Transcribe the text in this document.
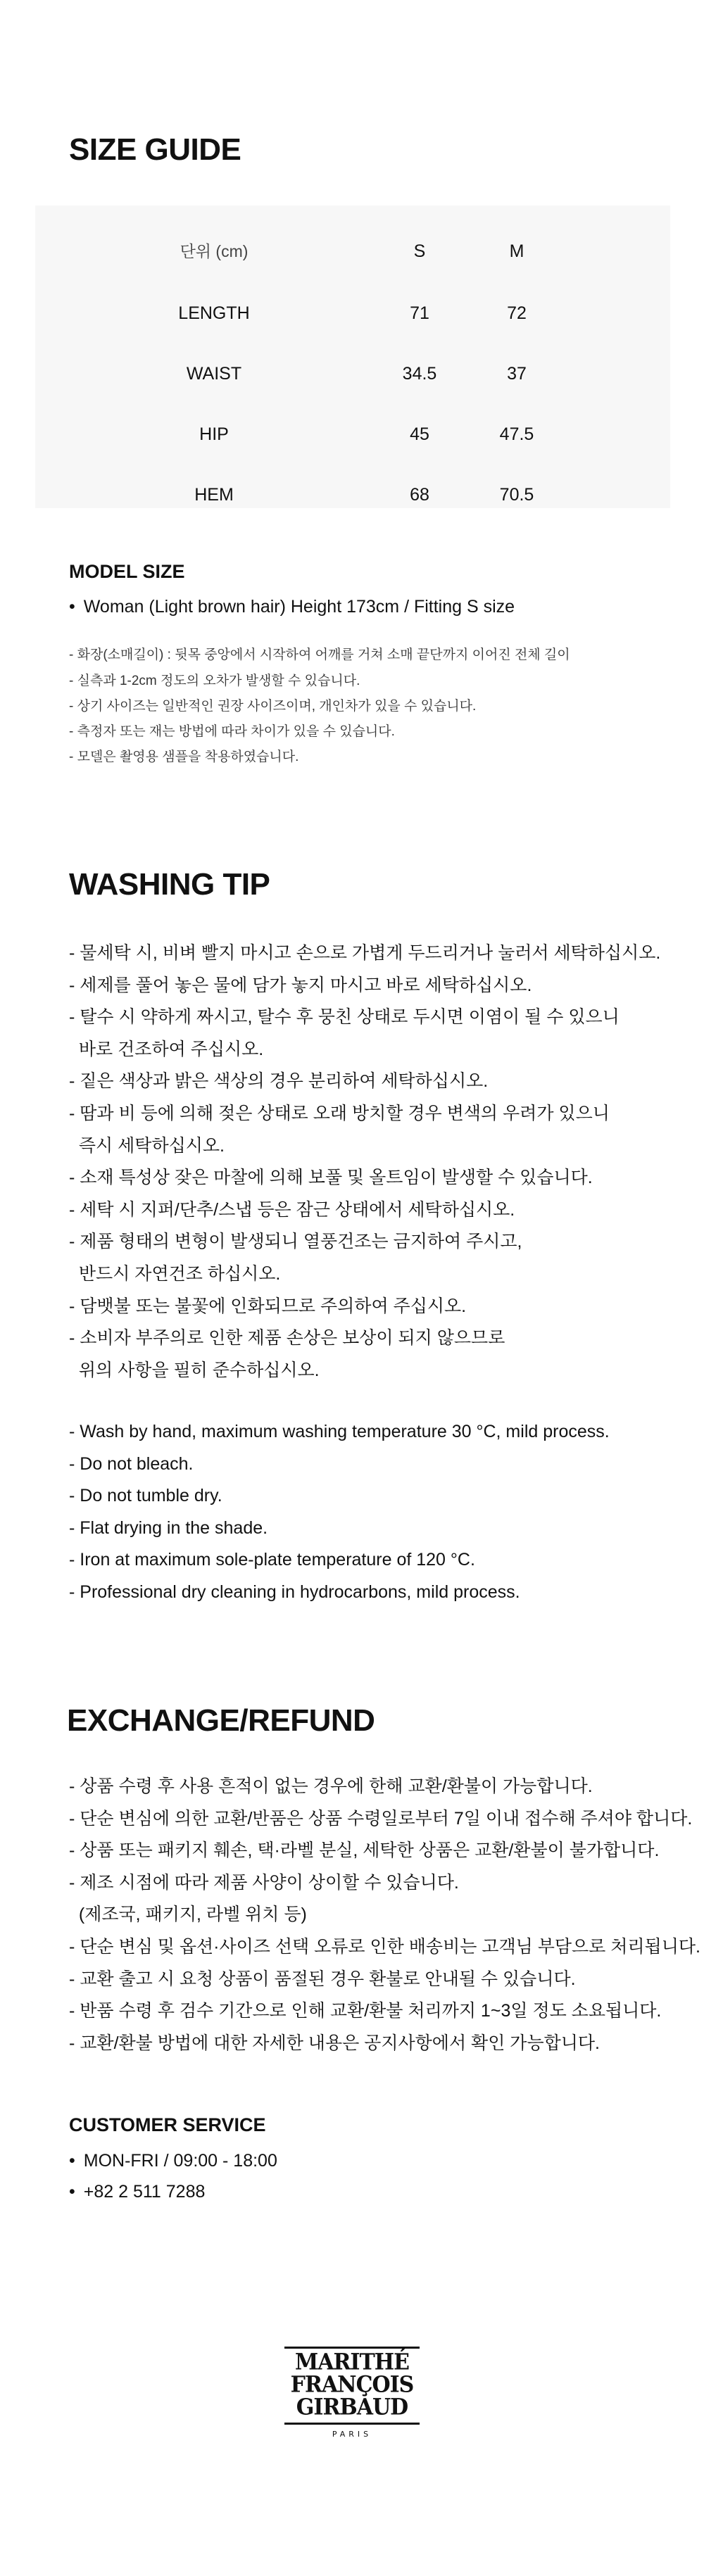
SIZE GUIDE
단위 (cm)	S	M
LENGTH	71	72
WAIST	34.5	37
HIP	45	47.5
HEM	68	70.5
MODEL SIZE
• Woman (Light brown hair) Height 173cm / Fitting S size
- 화장(소매길이) : 뒷목 중앙에서 시작하여 어깨를 거쳐 소매 끝단까지 이어진 전체 길이
- 실측과 1-2cm 정도의 오차가 발생할 수 있습니다.
- 상기 사이즈는 일반적인 권장 사이즈이며, 개인차가 있을 수 있습니다.
- 측정자 또는 재는 방법에 따라 차이가 있을 수 있습니다.
- 모델은 촬영용 샘플을 착용하였습니다.
WASHING TIP
- 물세탁 시, 비벼 빨지 마시고 손으로 가볍게 두드리거나 눌러서 세탁하십시오.
- 세제를 풀어 놓은 물에 담가 놓지 마시고 바로 세탁하십시오.
- 탈수 시 약하게 짜시고, 탈수 후 뭉친 상태로 두시면 이염이 될 수 있으니
바로 건조하여 주십시오.
- 짙은 색상과 밝은 색상의 경우 분리하여 세탁하십시오.
- 땀과 비 등에 의해 젖은 상태로 오래 방치할 경우 변색의 우려가 있으니
즉시 세탁하십시오.
- 소재 특성상 잦은 마찰에 의해 보풀 및 올트임이 발생할 수 있습니다.
- 세탁 시 지퍼/단추/스냅 등은 잠근 상태에서 세탁하십시오.
- 제품 형태의 변형이 발생되니 열풍건조는 금지하여 주시고,
반드시 자연건조 하십시오.
- 담뱃불 또는 불꽃에 인화되므로 주의하여 주십시오.
- 소비자 부주의로 인한 제품 손상은 보상이 되지 않으므로
위의 사항을 필히 준수하십시오.
- Wash by hand, maximum washing temperature 30 °C, mild process.
- Do not bleach.
- Do not tumble dry.
- Flat drying in the shade.
- Iron at maximum sole-plate temperature of 120 °C.
- Professional dry cleaning in hydrocarbons, mild process.
EXCHANGE/REFUND
- 상품 수령 후 사용 흔적이 없는 경우에 한해 교환/환불이 가능합니다.
- 단순 변심에 의한 교환/반품은 상품 수령일로부터 7일 이내 접수해 주셔야 합니다.
- 상품 또는 패키지 훼손, 택·라벨 분실, 세탁한 상품은 교환/환불이 불가합니다.
- 제조 시점에 따라 제품 사양이 상이할 수 있습니다.
(제조국, 패키지, 라벨 위치 등)
- 단순 변심 및 옵션·사이즈 선택 오류로 인한 배송비는 고객님 부담으로 처리됩니다.
- 교환 출고 시 요청 상품이 품절된 경우 환불로 안내될 수 있습니다.
- 반품 수령 후 검수 기간으로 인해 교환/환불 처리까지 1~3일 정도 소요됩니다.
- 교환/환불 방법에 대한 자세한 내용은 공지사항에서 확인 가능합니다.
CUSTOMER SERVICE
• MON-FRI / 09:00 - 18:00
• +82 2 511 7288
MARITHÉ
FRANÇOIS
GIRBAUD
PARIS
